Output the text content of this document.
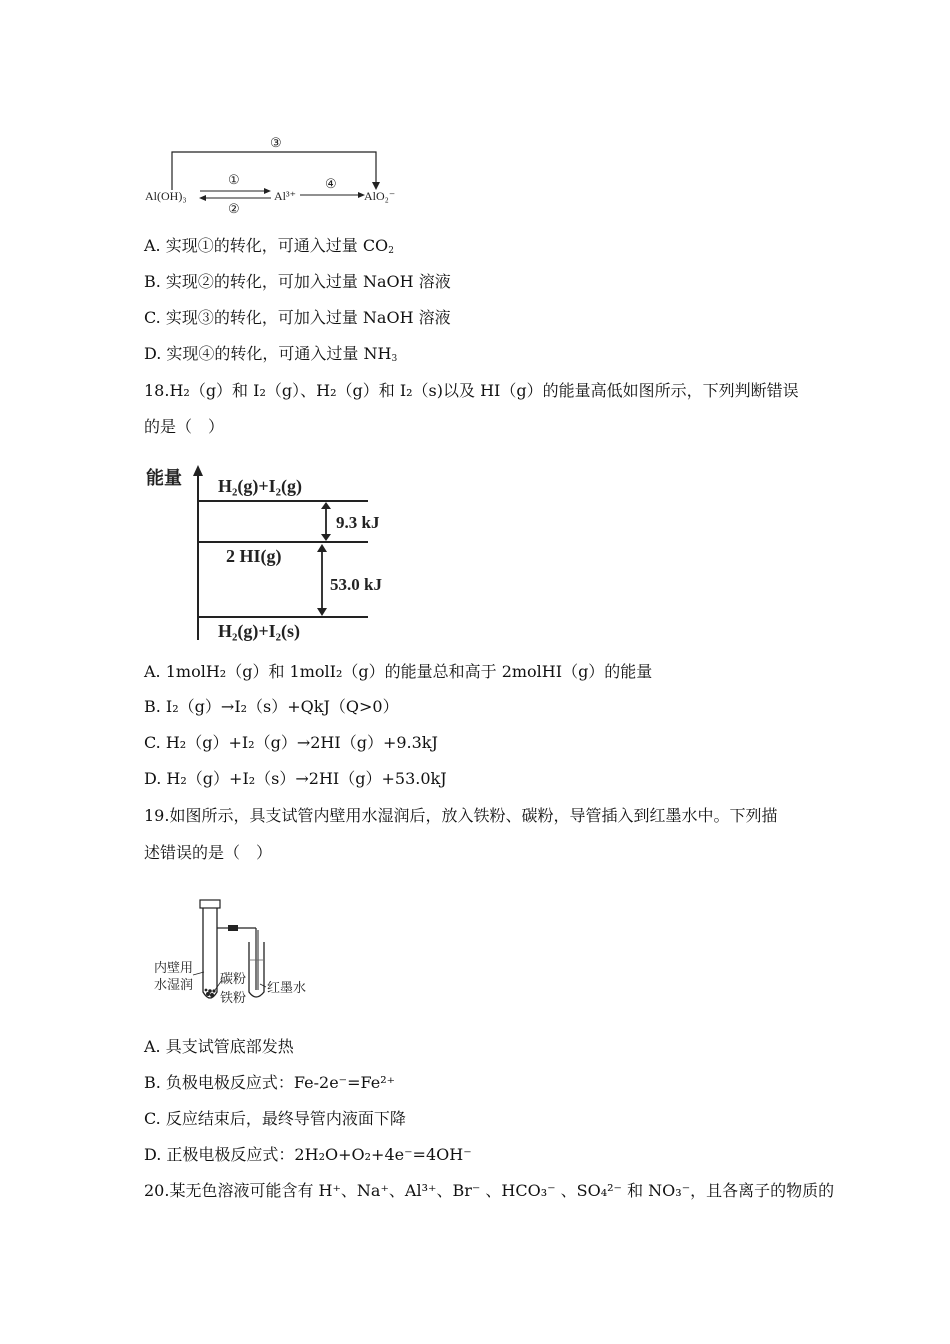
③
①
②
Al(OH)₃	Al³⁺
④
AlO₂⁻
A. 实现①的转化，可通入过量 $CO_2$
B. 实现②的转化，可加入过量 NaOH 溶液
C. 实现③的转化，可加入过量 NaOH 溶液
D. 实现④的转化，可通入过量 $NH_3$
18.H₂（g）和 I₂（g）、H₂（g）和 I₂（s)以及 HI（g）的能量高低如图所示，下列判断错误
的是（　）
能量 H₂(g)+I₂(g)
2 HI(g)
H₂(g)+I₂(s)
9.3 kJ
53.0 kJ
A. 1molH₂（g）和 1molI₂（g）的能量总和高于 2molHI（g）的能量
B. I₂（g）→I₂（s）+QkJ（Q>0）
C. H₂（g）+I₂（g）→2HI（g）+9.3kJ
D. H₂（g）+I₂（s）→2HI（g）+53.0kJ
19.如图所示，具支试管内壁用水湿润后，放入铁粉、碳粉，导管插入到红墨水中。下列描
述错误的是（　）
内壁用
水湿润 碳粉
铁粉
红墨水
A. 具支试管底部发热
B. 负极电极反应式：Fe-2e⁻=Fe²⁺
C. 反应结束后，最终导管内液面下降
D. 正极电极反应式：2H₂O+O₂+4e⁻=4OH⁻
20.某无色溶液可能含有 H⁺、Na⁺、Al³⁺、Br⁻ 、HCO₃⁻ 、SO₄²⁻ 和 NO₃⁻，且各离子的物质的
